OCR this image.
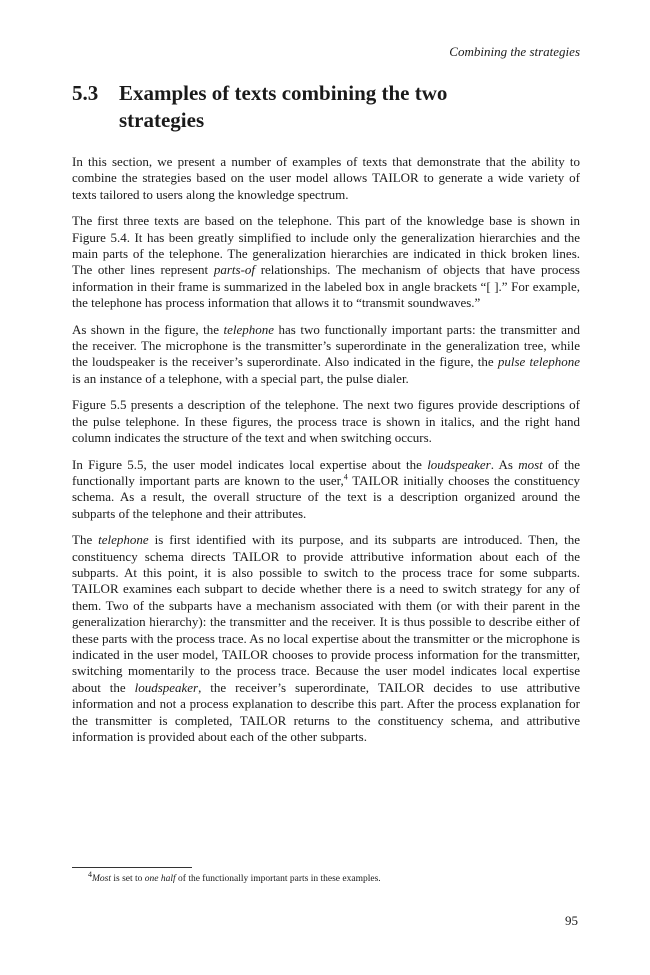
Combining the strategies
5.3 Examples of texts combining the two
strategies

In this section, we present a number of examples of texts that demonstrate that the ability to combine the strategies based on the user model allows TAILOR to generate a wide variety of texts tailored to users along the knowledge spectrum.

The first three texts are based on the telephone. This part of the knowledge base is shown in Figure 5.4. It has been greatly simplified to include only the generalization hierarchies and the main parts of the telephone. The generalization hierarchies are indicated in thick broken lines. The other lines represent parts-of relationships. The mechanism of objects that have process information in their frame is summarized in the labeled box in angle brackets “[ ].” For example, the telephone has process information that allows it to “transmit soundwaves.”

As shown in the figure, the telephone has two functionally important parts: the transmitter and the receiver. The microphone is the transmitter’s superordinate in the generalization tree, while the loudspeaker is the receiver’s superordinate. Also indicated in the figure, the pulse telephone is an instance of a telephone, with a special part, the pulse dialer.

Figure 5.5 presents a description of the telephone. The next two figures provide descriptions of the pulse telephone. In these figures, the process trace is shown in italics, and the right hand column indicates the structure of the text and when switching occurs.

In Figure 5.5, the user model indicates local expertise about the loudspeaker. As most of the functionally important parts are known to the user,$^4$ TAILOR initially chooses the constituency schema. As a result, the overall structure of the text is a description organized around the subparts of the telephone and their attributes.

The telephone is first identified with its purpose, and its subparts are introduced. Then, the constituency schema directs TAILOR to provide attributive information about each of the subparts. At this point, it is also possible to switch to the process trace for some subparts. TAILOR examines each subpart to decide whether there is a need to switch strategy for any of them. Two of the subparts have a mechanism associated with them (or with their parent in the generalization hierarchy): the transmitter and the receiver. It is thus possible to describe either of these parts with the process trace. As no local expertise about the transmitter or the microphone is indicated in the user model, TAILOR chooses to provide process information for the transmitter, switching momentarily to the process trace. Because the user model indicates local expertise about the loudspeaker, the receiver’s superordinate, TAILOR decides to use attributive information and not a process explanation to describe this part. After the process explanation for the transmitter is completed, TAILOR returns to the constituency schema, and attributive information is provided about each of the other subparts.

$^4$Most is set to one half of the functionally important parts in these examples.
95
